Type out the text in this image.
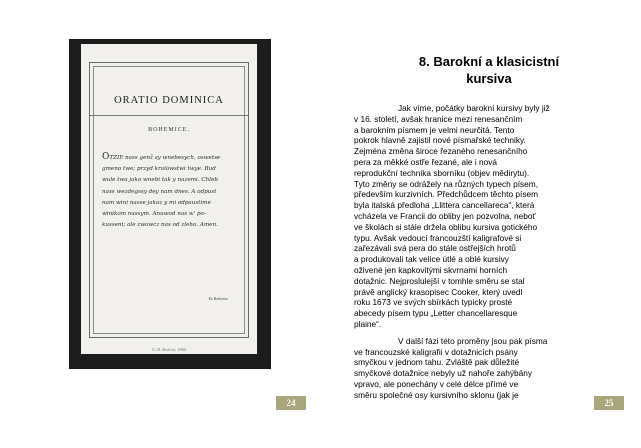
ORATIO DOMINICA
BOHEMICE.
OTZIE nass genž sy wnebesych, oswetse
gmeno twe; przyd kralowstwi twye. Bud
wule twa jako wnebi tak y nazemi. Chleb
nass wezdegssy dey nam dnes. A odpust
nam wini nasse jakoz y mi odpaustime
winikom nassym. Anuwod nas w' po-
kusseni; ale zwawcz nas od zleho. Amen.
Ex Bohemio
G. B. Bodoni, 1806
24
8. Barokní a klasicistní kursiva
Jak víme, počátky barokní kursivy byly již
v 16. století, avšak hranice mezi renesančním
a barokním písmem je velmi neurčitá. Tento
pokrok hlavně zajistil nové písmařské techniky.
Zejména změna široce řezaného renesančního
pera za měkké ostře řezané, ale i nová
reprodukční technika sborníku (objev mědirytu).
Tyto změny se odrážely na různých typech písem,
především kurzivních. Předchůdcem těchto písem
byla italská předloha „Llittera cancellareca“, která
vcházela ve Francii do obliby jen pozvolna, neboť
ve školách si stále držela oblibu kursiva gotického
typu. Avšak vedoucí francouzští kaligrafové si
zařezávali svá pera do stále ostřejších hrotů
a produkovali tak velice útlé a oblé kursivy
oživené jen kapkovitými skvrnami horních
dotažnic. Nejproslulejší v tomhle směru se stal
právě anglický krasopisec Cooker, který uvedl
roku 1673 ve svých sbírkách typicky prosté
abecedy písem typu „Letter chancellaresque
plaine“.
V další fázi této proměny jsou pak písma
ve francouzské kaligrafii v dotažnicích psány
smyčkou v jednom tahu. Zvláště pak důležité
smyčkové dotažnice nebyly už nahoře zahýbány
vpravo, ale ponechány v celé délce přímé ve
směru společné osy kursivního sklonu (jak je
25
